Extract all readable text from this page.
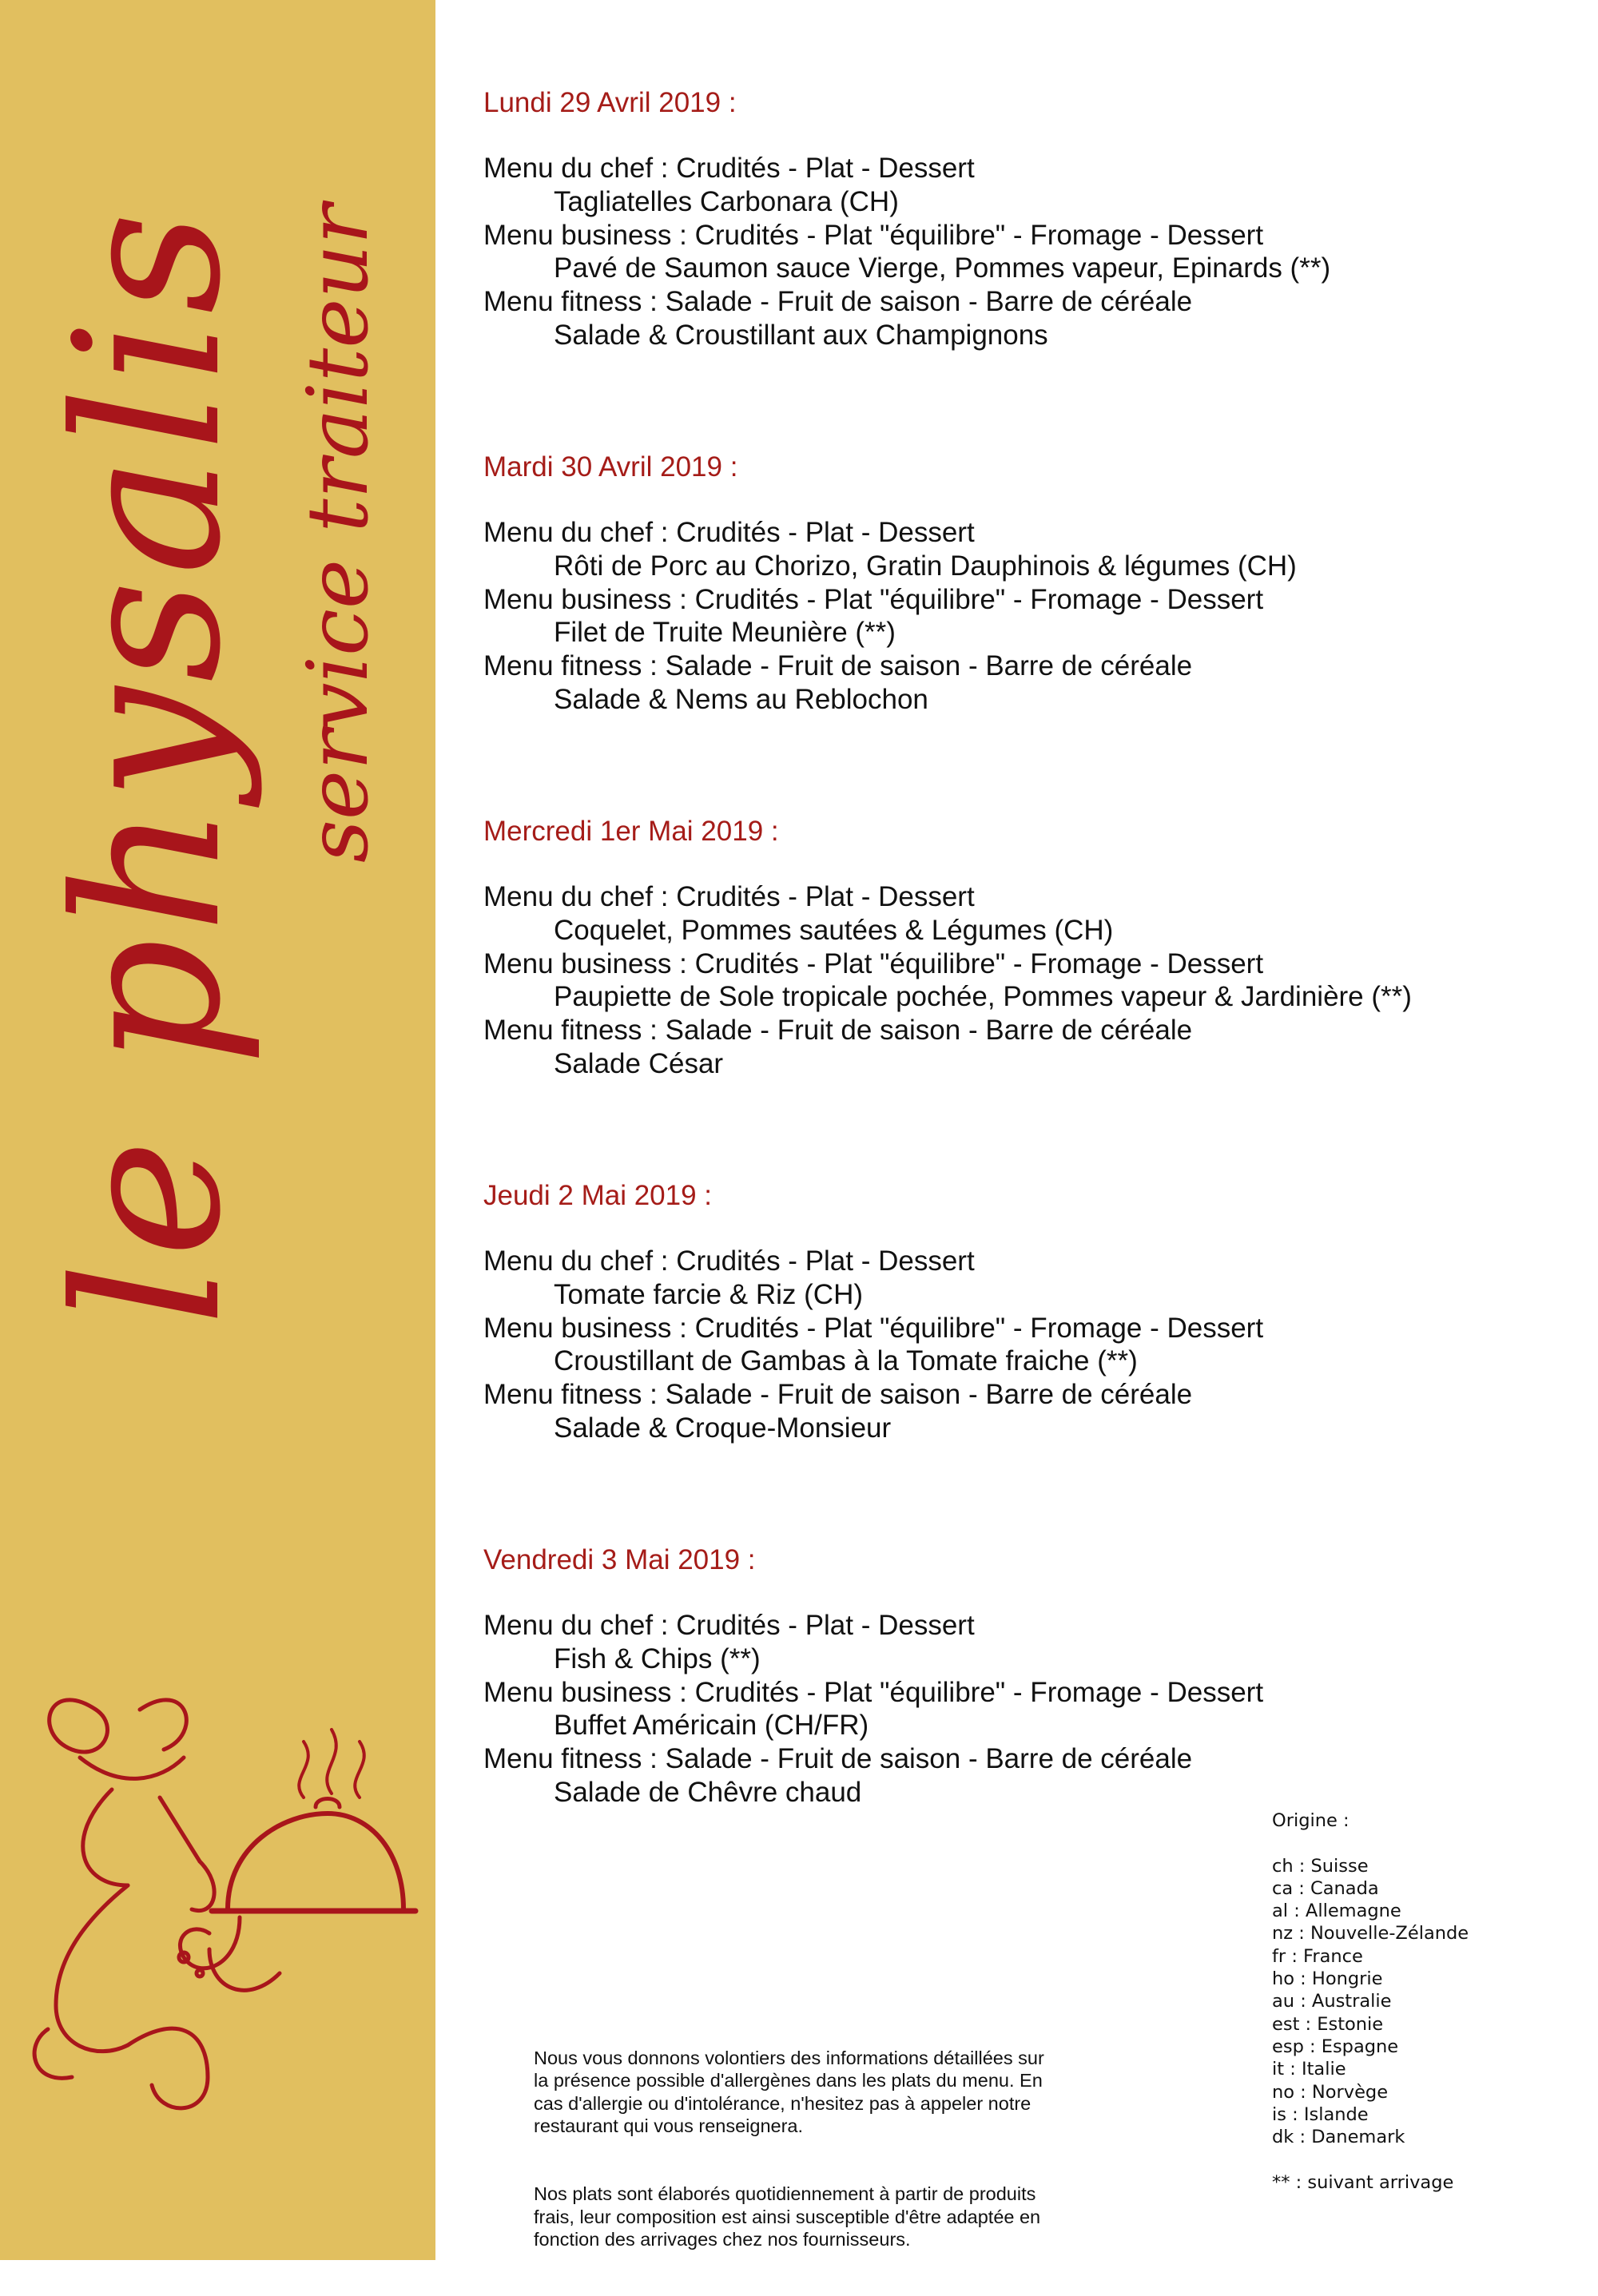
le physalis service traiteur
Lundi 29 Avril 2019 :
Menu du chef : Crudités - Plat - Dessert
Tagliatelles Carbonara (CH)
Menu business : Crudités - Plat "équilibre" - Fromage - Dessert
Pavé de Saumon sauce Vierge, Pommes vapeur, Epinards (**)
Menu fitness : Salade - Fruit de saison - Barre de céréale
Salade & Croustillant aux Champignons
Mardi 30 Avril 2019 :
Menu du chef : Crudités - Plat - Dessert
Rôti de Porc au Chorizo, Gratin Dauphinois & légumes (CH)
Menu business : Crudités - Plat "équilibre" - Fromage - Dessert
Filet de Truite Meunière (**)
Menu fitness : Salade - Fruit de saison - Barre de céréale
Salade & Nems au Reblochon
Mercredi 1er Mai 2019 :
Menu du chef : Crudités - Plat - Dessert
Coquelet, Pommes sautées & Légumes (CH)
Menu business : Crudités - Plat "équilibre" - Fromage - Dessert
Paupiette de Sole tropicale pochée, Pommes vapeur & Jardinière (**)
Menu fitness : Salade - Fruit de saison - Barre de céréale
Salade César
Jeudi 2 Mai 2019 :
Menu du chef : Crudités - Plat - Dessert
Tomate farcie & Riz (CH)
Menu business : Crudités - Plat "équilibre" - Fromage - Dessert
Croustillant de Gambas à la Tomate fraiche (**)
Menu fitness : Salade - Fruit de saison - Barre de céréale
Salade & Croque-Monsieur
Vendredi 3 Mai 2019 :
Menu du chef : Crudités - Plat - Dessert
Fish & Chips (**)
Menu business : Crudités - Plat "équilibre" - Fromage - Dessert
Buffet Américain (CH/FR)
Menu fitness : Salade - Fruit de saison - Barre de céréale
Salade de Chêvre chaud

Nous vous donnons volontiers des informations détaillées sur
la présence possible d'allergènes dans les plats du menu. En
cas d'allergie ou d'intolérance, n'hesitez pas à appeler notre
restaurant qui vous renseignera.

Nos plats sont élaborés quotidiennement à partir de produits
frais, leur composition est ainsi susceptible d'être adaptée en
fonction des arrivages chez nos fournisseurs.

Origine :
ch : Suisse
ca : Canada
al : Allemagne
nz : Nouvelle-Zélande
fr : France
ho : Hongrie
au : Australie
est : Estonie
esp : Espagne
it : Italie
no : Norvège
is : Islande
dk : Danemark
** : suivant arrivage
